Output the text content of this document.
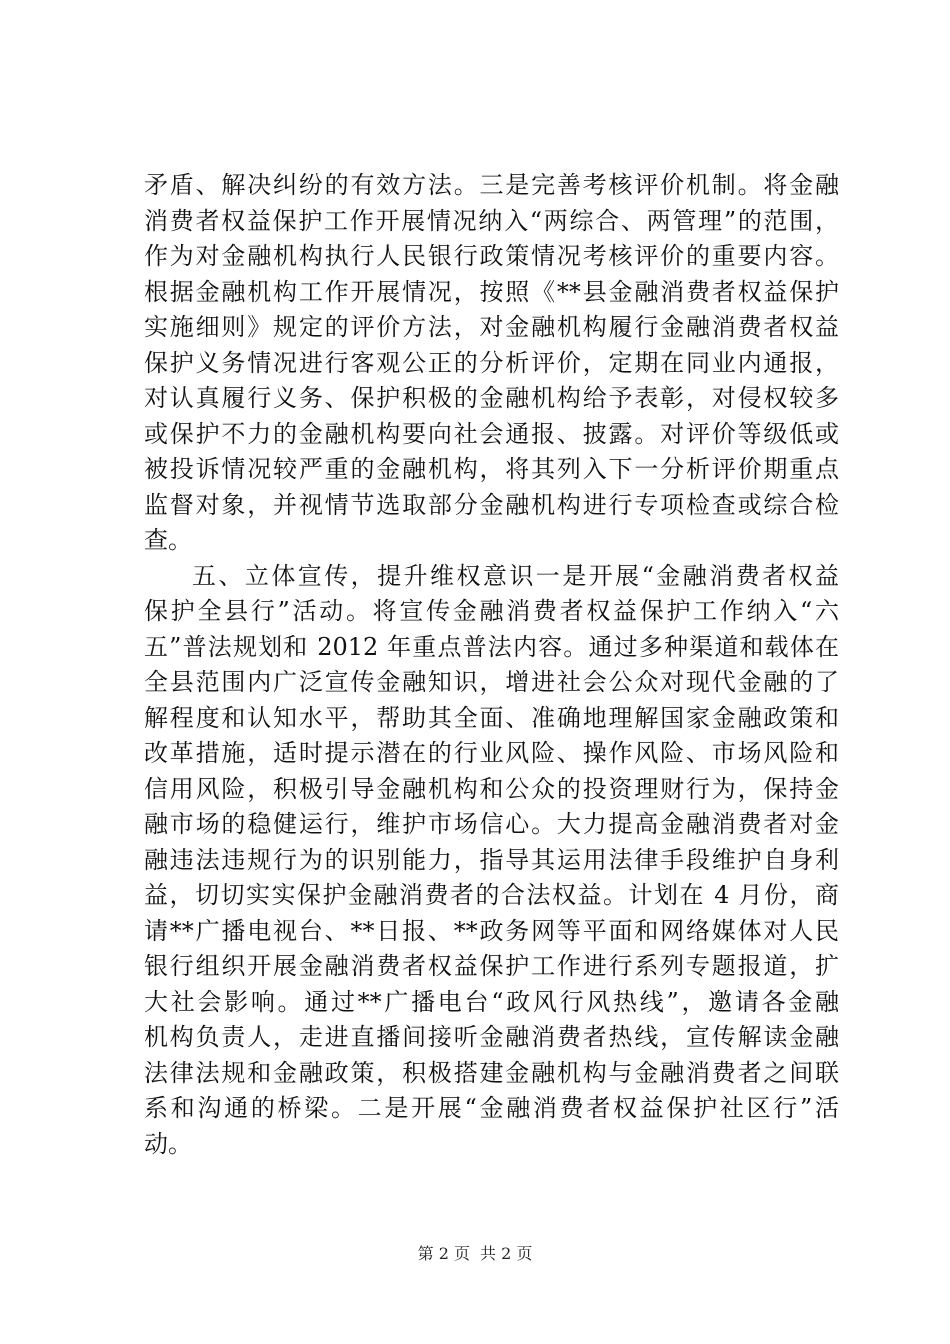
矛盾、解决纠纷的有效方法。三是完善考核评价机制。将金融
消费者权益保护工作开展情况纳入“两综合、两管理”的范围，
作为对金融机构执行人民银行政策情况考核评价的重要内容。
根据金融机构工作开展情况，按照《**县金融消费者权益保护
实施细则》规定的评价方法，对金融机构履行金融消费者权益
保护义务情况进行客观公正的分析评价，定期在同业内通报，
对认真履行义务、保护积极的金融机构给予表彰，对侵权较多
或保护不力的金融机构要向社会通报、披露。对评价等级低或
被投诉情况较严重的金融机构，将其列入下一分析评价期重点
监督对象，并视情节选取部分金融机构进行专项检查或综合检
查。
五、立体宣传，提升维权意识一是开展“金融消费者权益
保护全县行”活动。将宣传金融消费者权益保护工作纳入“六
五”普法规划和 2012 年重点普法内容。通过多种渠道和载体在
全县范围内广泛宣传金融知识，增进社会公众对现代金融的了
解程度和认知水平，帮助其全面、准确地理解国家金融政策和
改革措施，适时提示潜在的行业风险、操作风险、市场风险和
信用风险，积极引导金融机构和公众的投资理财行为，保持金
融市场的稳健运行，维护市场信心。大力提高金融消费者对金
融违法违规行为的识别能力，指导其运用法律手段维护自身利
益，切切实实保护金融消费者的合法权益。计划在 4 月份，商
请**广播电视台、**日报、**政务网等平面和网络媒体对人民
银行组织开展金融消费者权益保护工作进行系列专题报道，扩
大社会影响。通过**广播电台“政风行风热线”，邀请各金融
机构负责人，走进直播间接听金融消费者热线，宣传解读金融
法律法规和金融政策，积极搭建金融机构与金融消费者之间联
系和沟通的桥梁。二是开展“金融消费者权益保护社区行”活
动。
第 2 页 共 2 页
